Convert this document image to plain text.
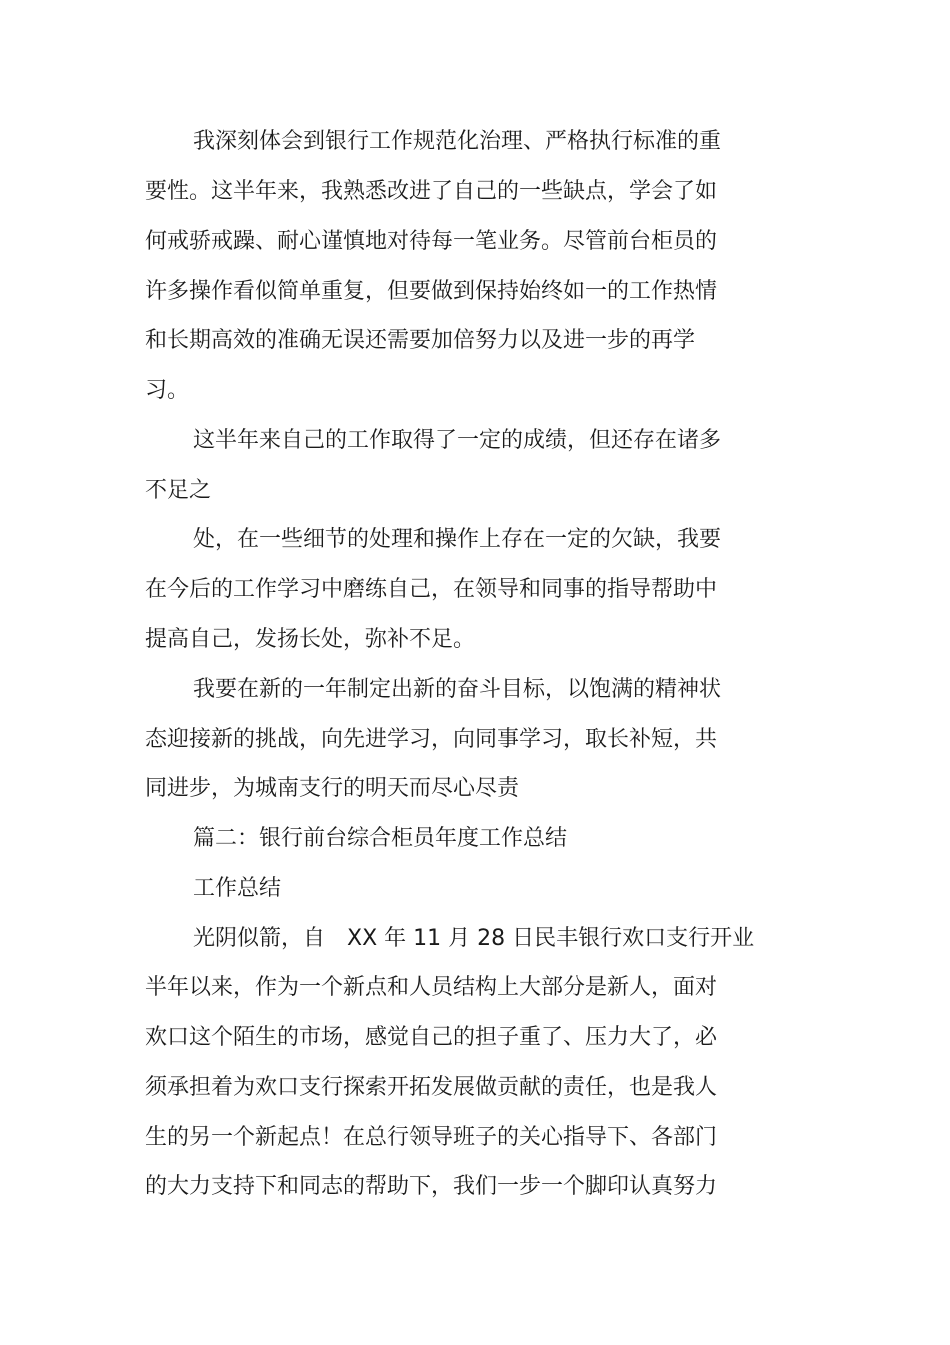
我深刻体会到银行工作规范化治理、严格执行标准的重
要性。这半年来，我熟悉改进了自己的一些缺点，学会了如
何戒骄戒躁、耐心谨慎地对待每一笔业务。尽管前台柜员的
许多操作看似简单重复，但要做到保持始终如一的工作热情
和长期高效的准确无误还需要加倍努力以及进一步的再学
习。
这半年来自己的工作取得了一定的成绩，但还存在诸多
不足之
处，在一些细节的处理和操作上存在一定的欠缺，我要
在今后的工作学习中磨练自己，在领导和同事的指导帮助中
提高自己，发扬长处，弥补不足。
我要在新的一年制定出新的奋斗目标，以饱满的精神状
态迎接新的挑战，向先进学习，向同事学习，取长补短，共
同进步，为城南支行的明天而尽心尽责
篇二：银行前台综合柜员年度工作总结
工作总结
光阴似箭，自　XX 年 11 月 28 日民丰银行欢口支行开业
半年以来，作为一个新点和人员结构上大部分是新人，面对
欢口这个陌生的市场，感觉自己的担子重了、压力大了，必
须承担着为欢口支行探索开拓发展做贡献的责任，也是我人
生的另一个新起点！在总行领导班子的关心指导下、各部门
的大力支持下和同志的帮助下，我们一步一个脚印认真努力
